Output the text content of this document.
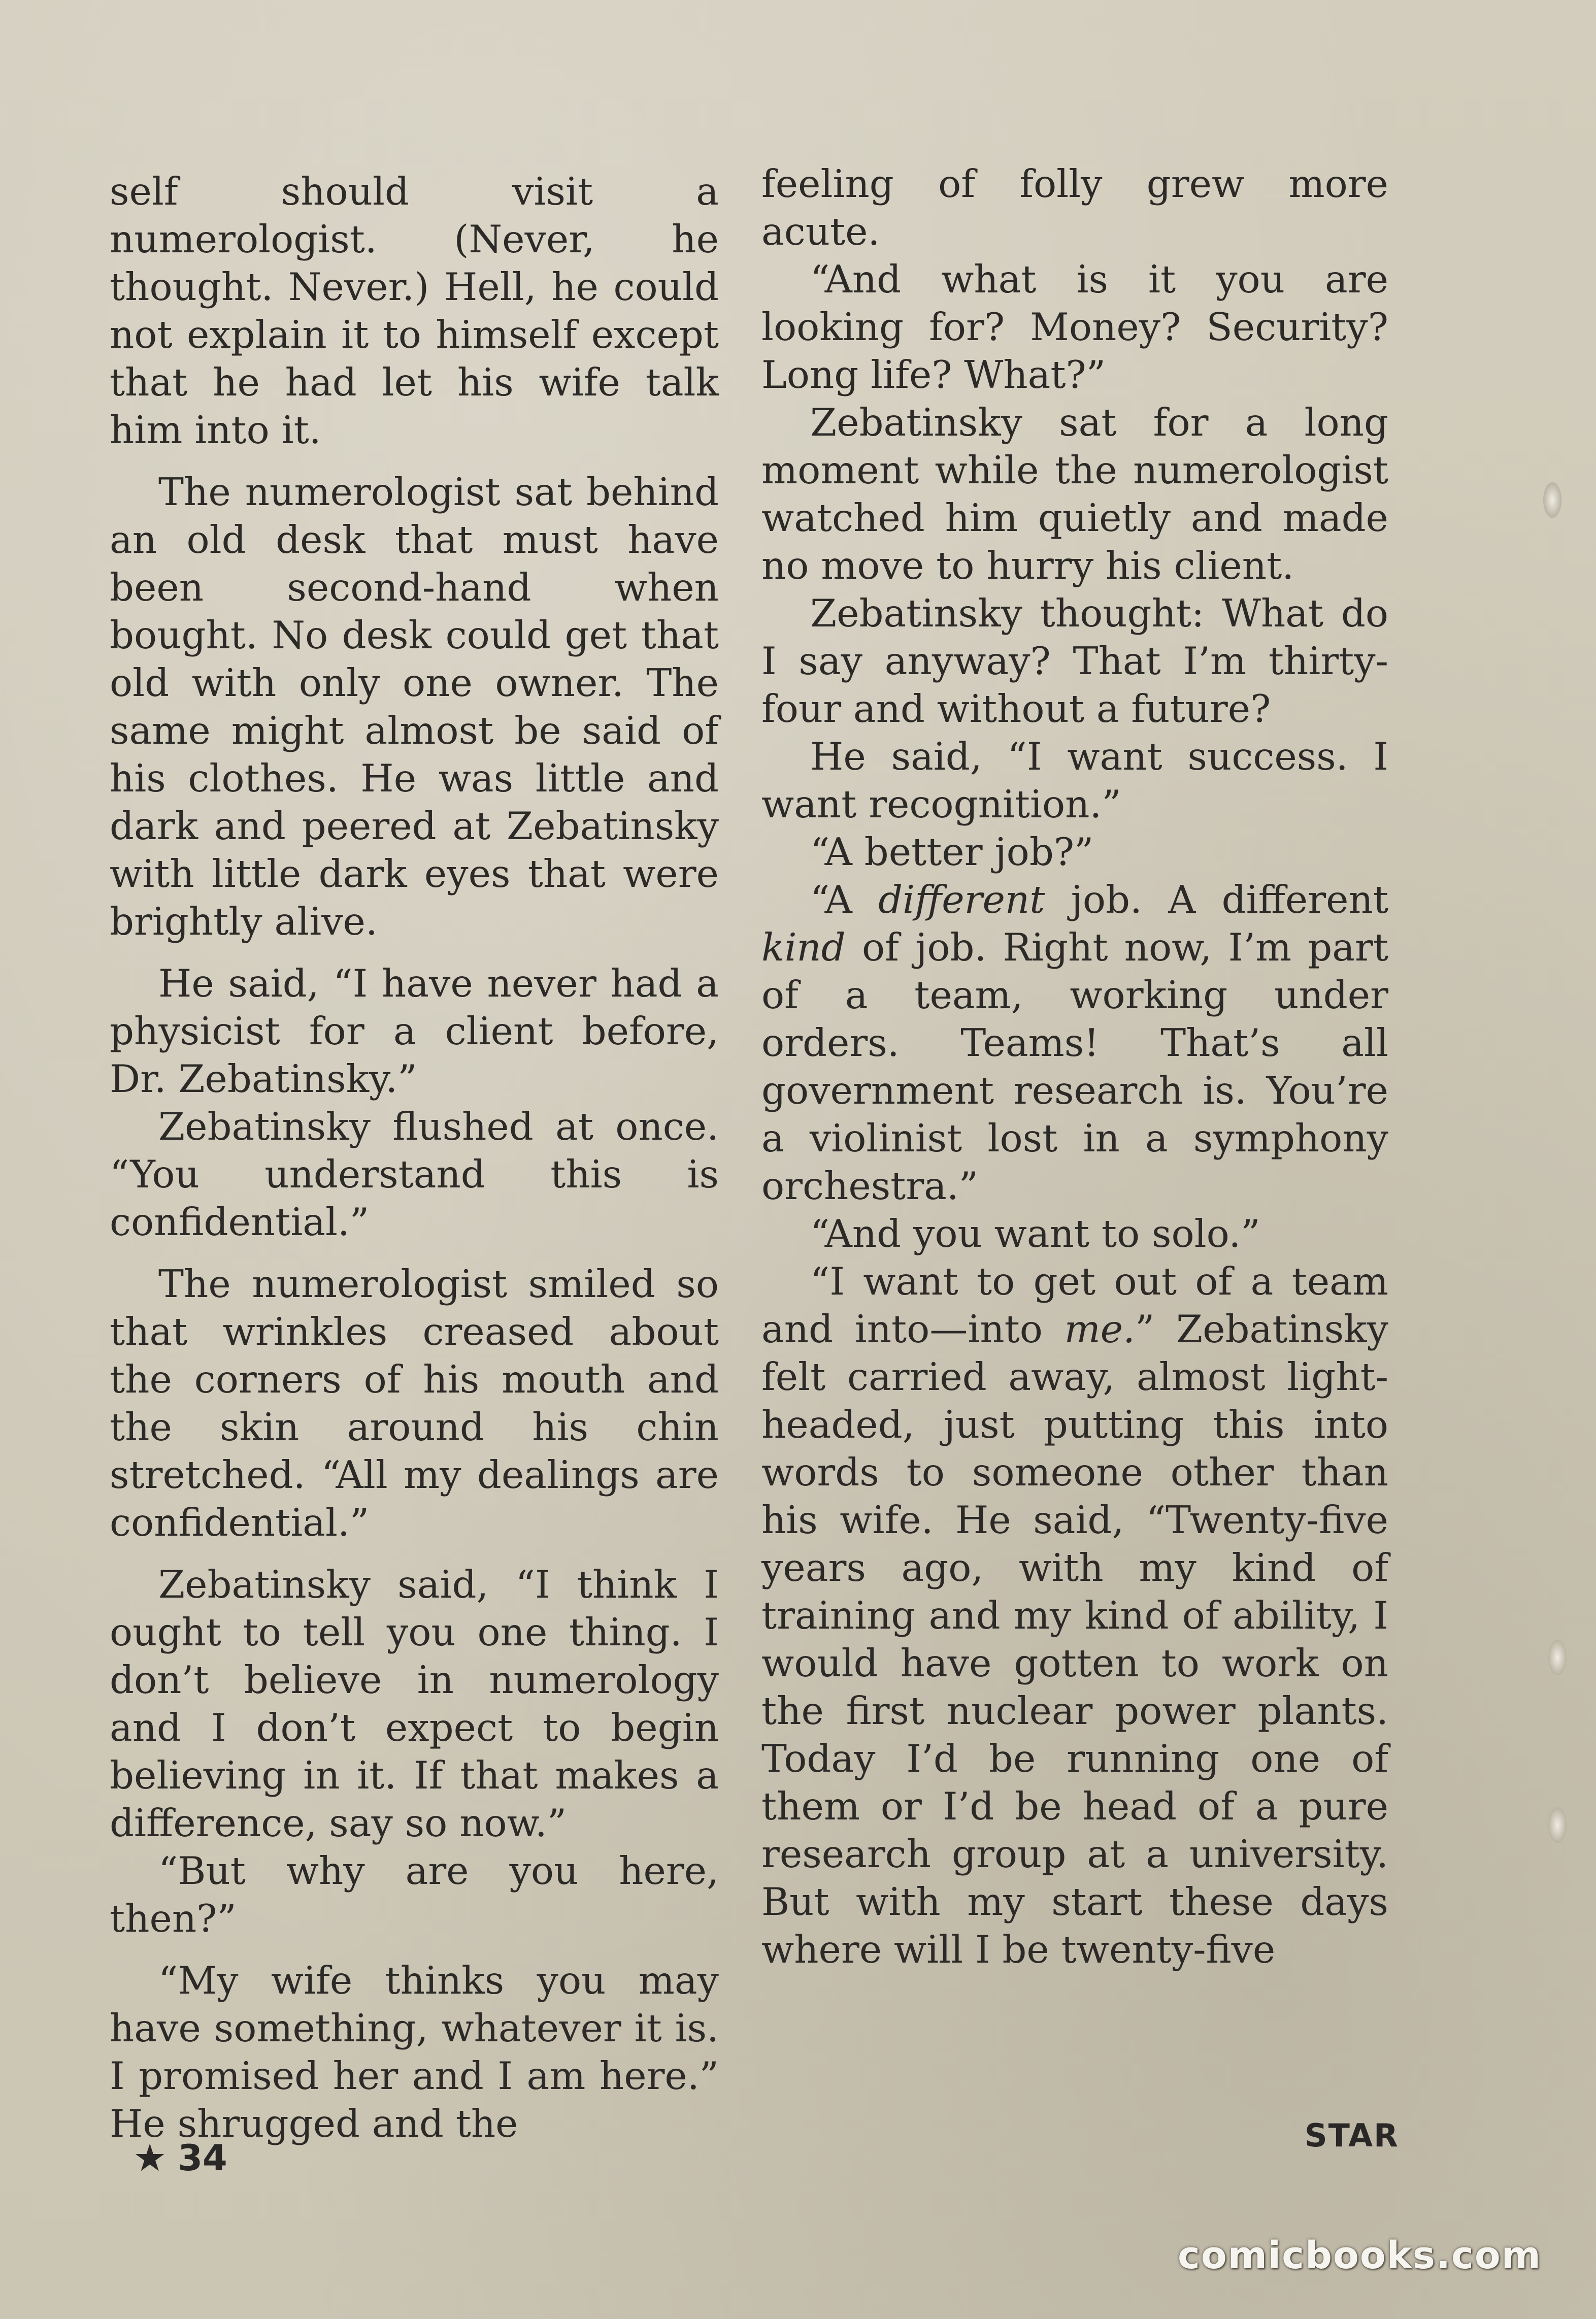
self should visit a numerologist. (Never, he thought. Never.) Hell, he could not explain it to himself except that he had let his wife talk him into it.

The numerologist sat behind an old desk that must have been second-hand when bought. No desk could get that old with only one owner. The same might almost be said of his clothes. He was little and dark and peered at Zebatinsky with little dark eyes that were brightly alive.

He said, “I have never had a physicist for a client before, Dr. Zebatinsky.”

Zebatinsky flushed at once. “You understand this is confidential.”

The numerologist smiled so that wrinkles creased about the corners of his mouth and the skin around his chin stretched. “All my dealings are confidential.”

Zebatinsky said, “I think I ought to tell you one thing. I don’t believe in numerology and I don’t expect to begin believing in it. If that makes a difference, say so now.”

“But why are you here, then?”

“My wife thinks you may have something, whatever it is. I promised her and I am here.” He shrugged and the

feeling of folly grew more acute.

“And what is it you are looking for? Money? Security? Long life? What?”

Zebatinsky sat for a long moment while the numerologist watched him quietly and made no move to hurry his client.

Zebatinsky thought: What do I say anyway? That I’m thirty-four and without a future?

He said, “I want success. I want recognition.”

“A better job?”

“A different job. A different kind of job. Right now, I’m part of a team, working under orders. Teams! That’s all government research is. You’re a violinist lost in a symphony orchestra.”

“And you want to solo.”

“I want to get out of a team and into—into me.” Zebatinsky felt carried away, almost light-headed, just putting this into words to someone other than his wife. He said, “Twenty-five years ago, with my kind of training and my kind of ability, I would have gotten to work on the first nuclear power plants. Today I’d be running one of them or I’d be head of a pure research group at a university. But with my start these days where will I be twenty-five

★ 34
STAR
comicbooks.com
